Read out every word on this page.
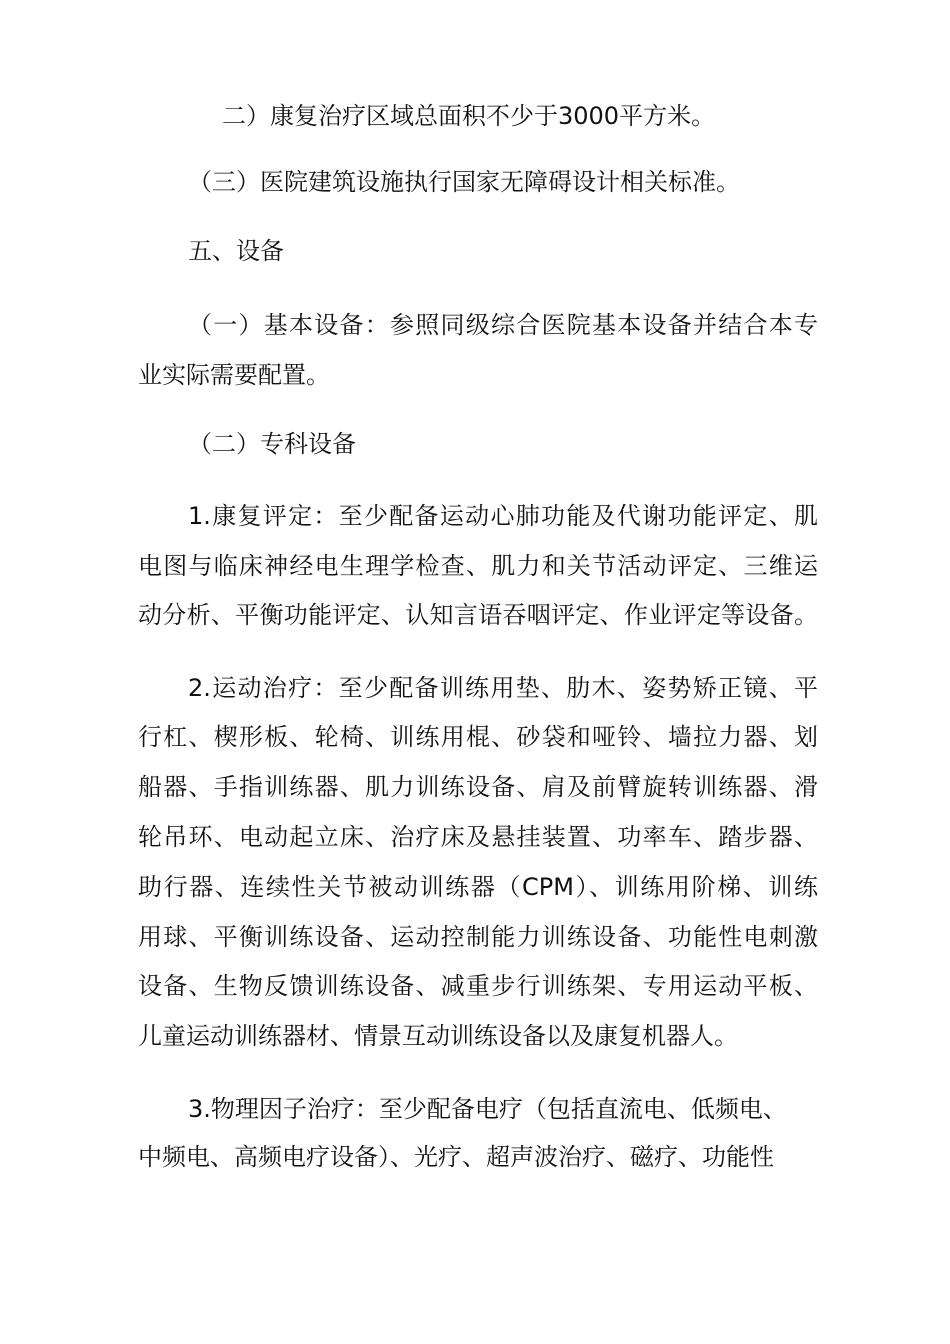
二）康复治疗区域总面积不少于3000平方米。
（三）医院建筑设施执行国家无障碍设计相关标准。
五、设备
（一）基本设备：参照同级综合医院基本设备并结合本专
业实际需要配置。
（二）专科设备
1.康复评定：至少配备运动心肺功能及代谢功能评定、肌
电图与临床神经电生理学检查、肌力和关节活动评定、三维运
动分析、平衡功能评定、认知言语吞咽评定、作业评定等设备。
2.运动治疗：至少配备训练用垫、肋木、姿势矫正镜、平
行杠、楔形板、轮椅、训练用棍、砂袋和哑铃、墙拉力器、划
船器、手指训练器、肌力训练设备、肩及前臂旋转训练器、滑
轮吊环、电动起立床、治疗床及悬挂装置、功率车、踏步器、
助行器、连续性关节被动训练器（CPM）、训练用阶梯、训练
用球、平衡训练设备、运动控制能力训练设备、功能性电刺激
设备、生物反馈训练设备、减重步行训练架、专用运动平板、
儿童运动训练器材、情景互动训练设备以及康复机器人。
3.物理因子治疗：至少配备电疗（包括直流电、低频电、
中频电、高频电疗设备）、光疗、超声波治疗、磁疗、功能性
